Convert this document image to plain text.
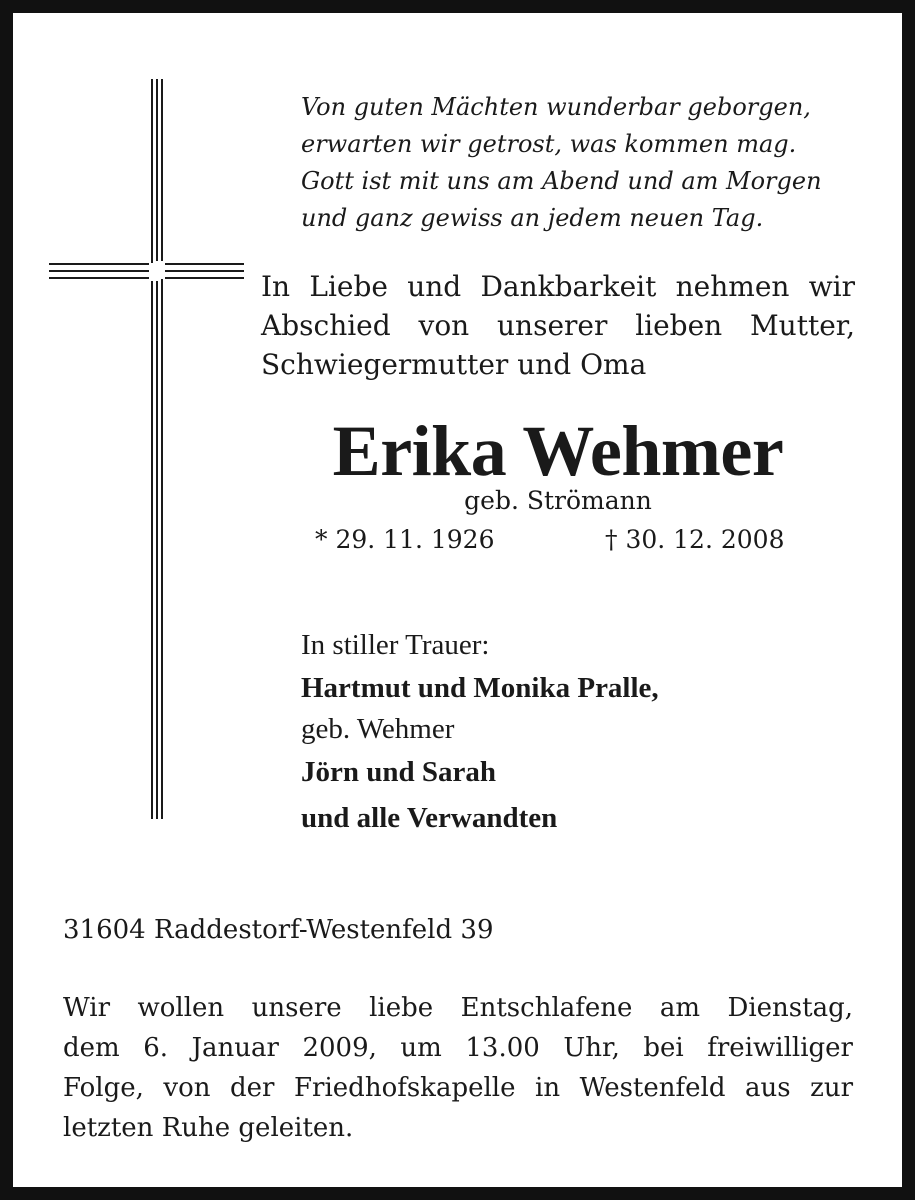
Von guten Mächten wunderbar geborgen,
erwarten wir getrost, was kommen mag.
Gott ist mit uns am Abend und am Morgen
und ganz gewiss an jedem neuen Tag.
In Liebe und Dankbarkeit nehmen wir
Abschied von unserer lieben Mutter,
Schwiegermutter und Oma
Erika Wehmer
geb. Strömann
* 29. 11. 1926	† 30. 12. 2008
In stiller Trauer:
Hartmut und Monika Pralle,
geb. Wehmer
Jörn und Sarah
und alle Verwandten
31604 Raddestorf-Westenfeld 39
Wir wollen unsere liebe Entschlafene am Dienstag,
dem 6. Januar 2009, um 13.00 Uhr, bei freiwilliger
Folge, von der Friedhofskapelle in Westenfeld aus zur
letzten Ruhe geleiten.
